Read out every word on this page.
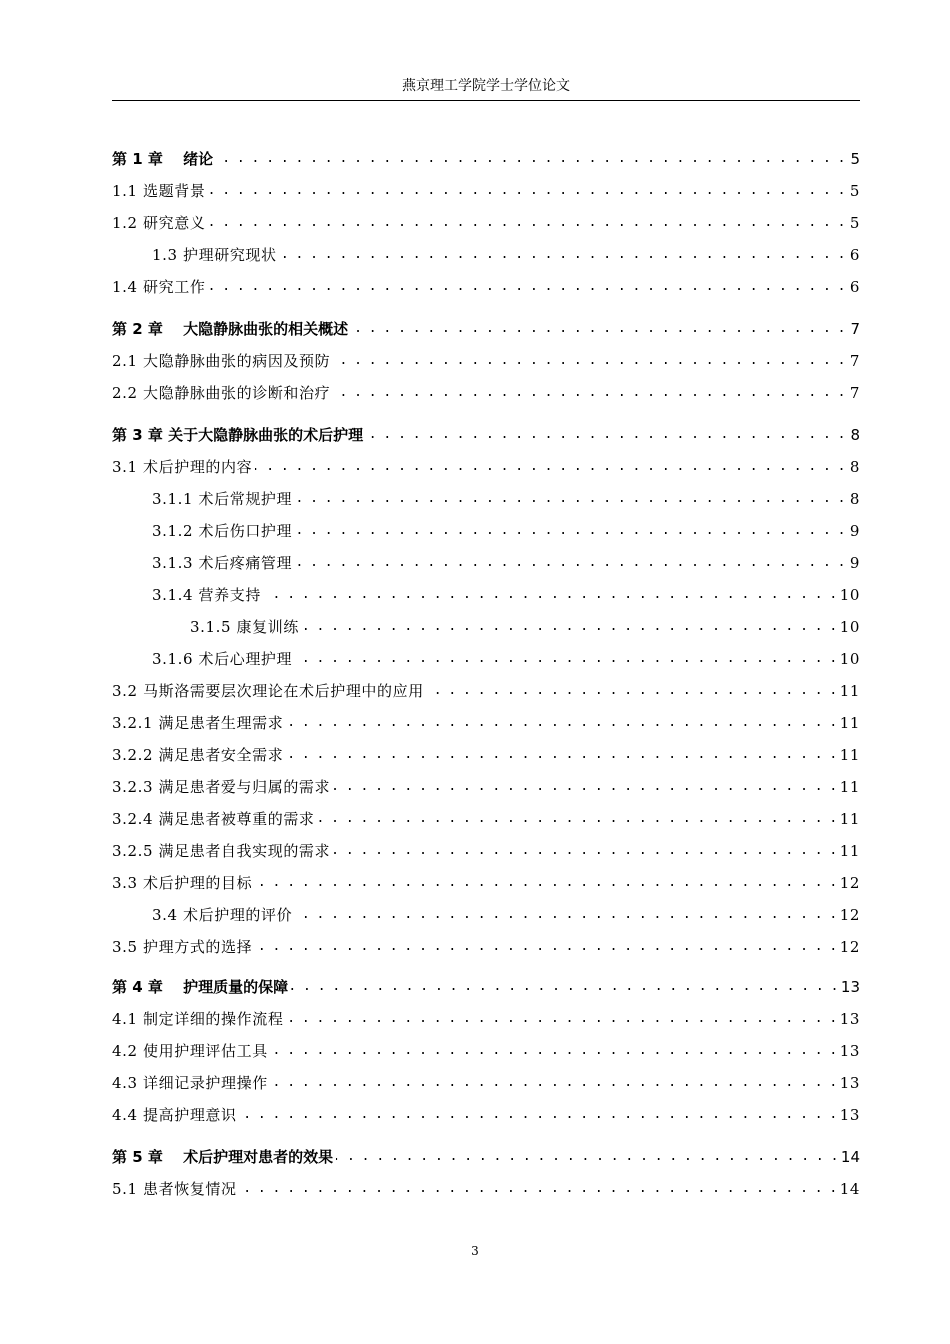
燕京理工学院学士学位论文
第 1 章　 绪论 . . .	5
1.1 选题背景 . . .	5
1.2 研究意义 . . .	5
1.3 护理研究现状 . . .	6
1.4 研究工作 . . .	6
第 2 章　 大隐静脉曲张的相关概述 . . .	7
2.1 大隐静脉曲张的病因及预防 . . .	7
2.2 大隐静脉曲张的诊断和治疗 . . .	7
第 3 章 关于大隐静脉曲张的术后护理 . . .	8
3.1 术后护理的内容 . . .	8
3.1.1 术后常规护理 . . .	8
3.1.2 术后伤口护理 . . .	9
3.1.3 术后疼痛管理 . . .	9
3.1.4 营养支持 . . .	10
3.1.5 康复训练 . . .	10
3.1.6 术后心理护理 . . .	10
3.2 马斯洛需要层次理论在术后护理中的应用 . . .	11
3.2.1 满足患者生理需求 . . .	11
3.2.2 满足患者安全需求 . . .	11
3.2.3 满足患者爱与归属的需求 . . .	11
3.2.4 满足患者被尊重的需求 . . .	11
3.2.5 满足患者自我实现的需求 . . .	11
3.3 术后护理的目标 . . .	12
3.4 术后护理的评价 . . .	12
3.5 护理方式的选择 . . .	12
第 4 章　 护理质量的保障 . . .	13
4.1 制定详细的操作流程 . . .	13
4.2 使用护理评估工具 . . .	13
4.3 详细记录护理操作 . . .	13
4.4 提高护理意识 . . .	13
第 5 章　 术后护理对患者的效果 . . .	14
5.1 患者恢复情况 . . .	14
3
